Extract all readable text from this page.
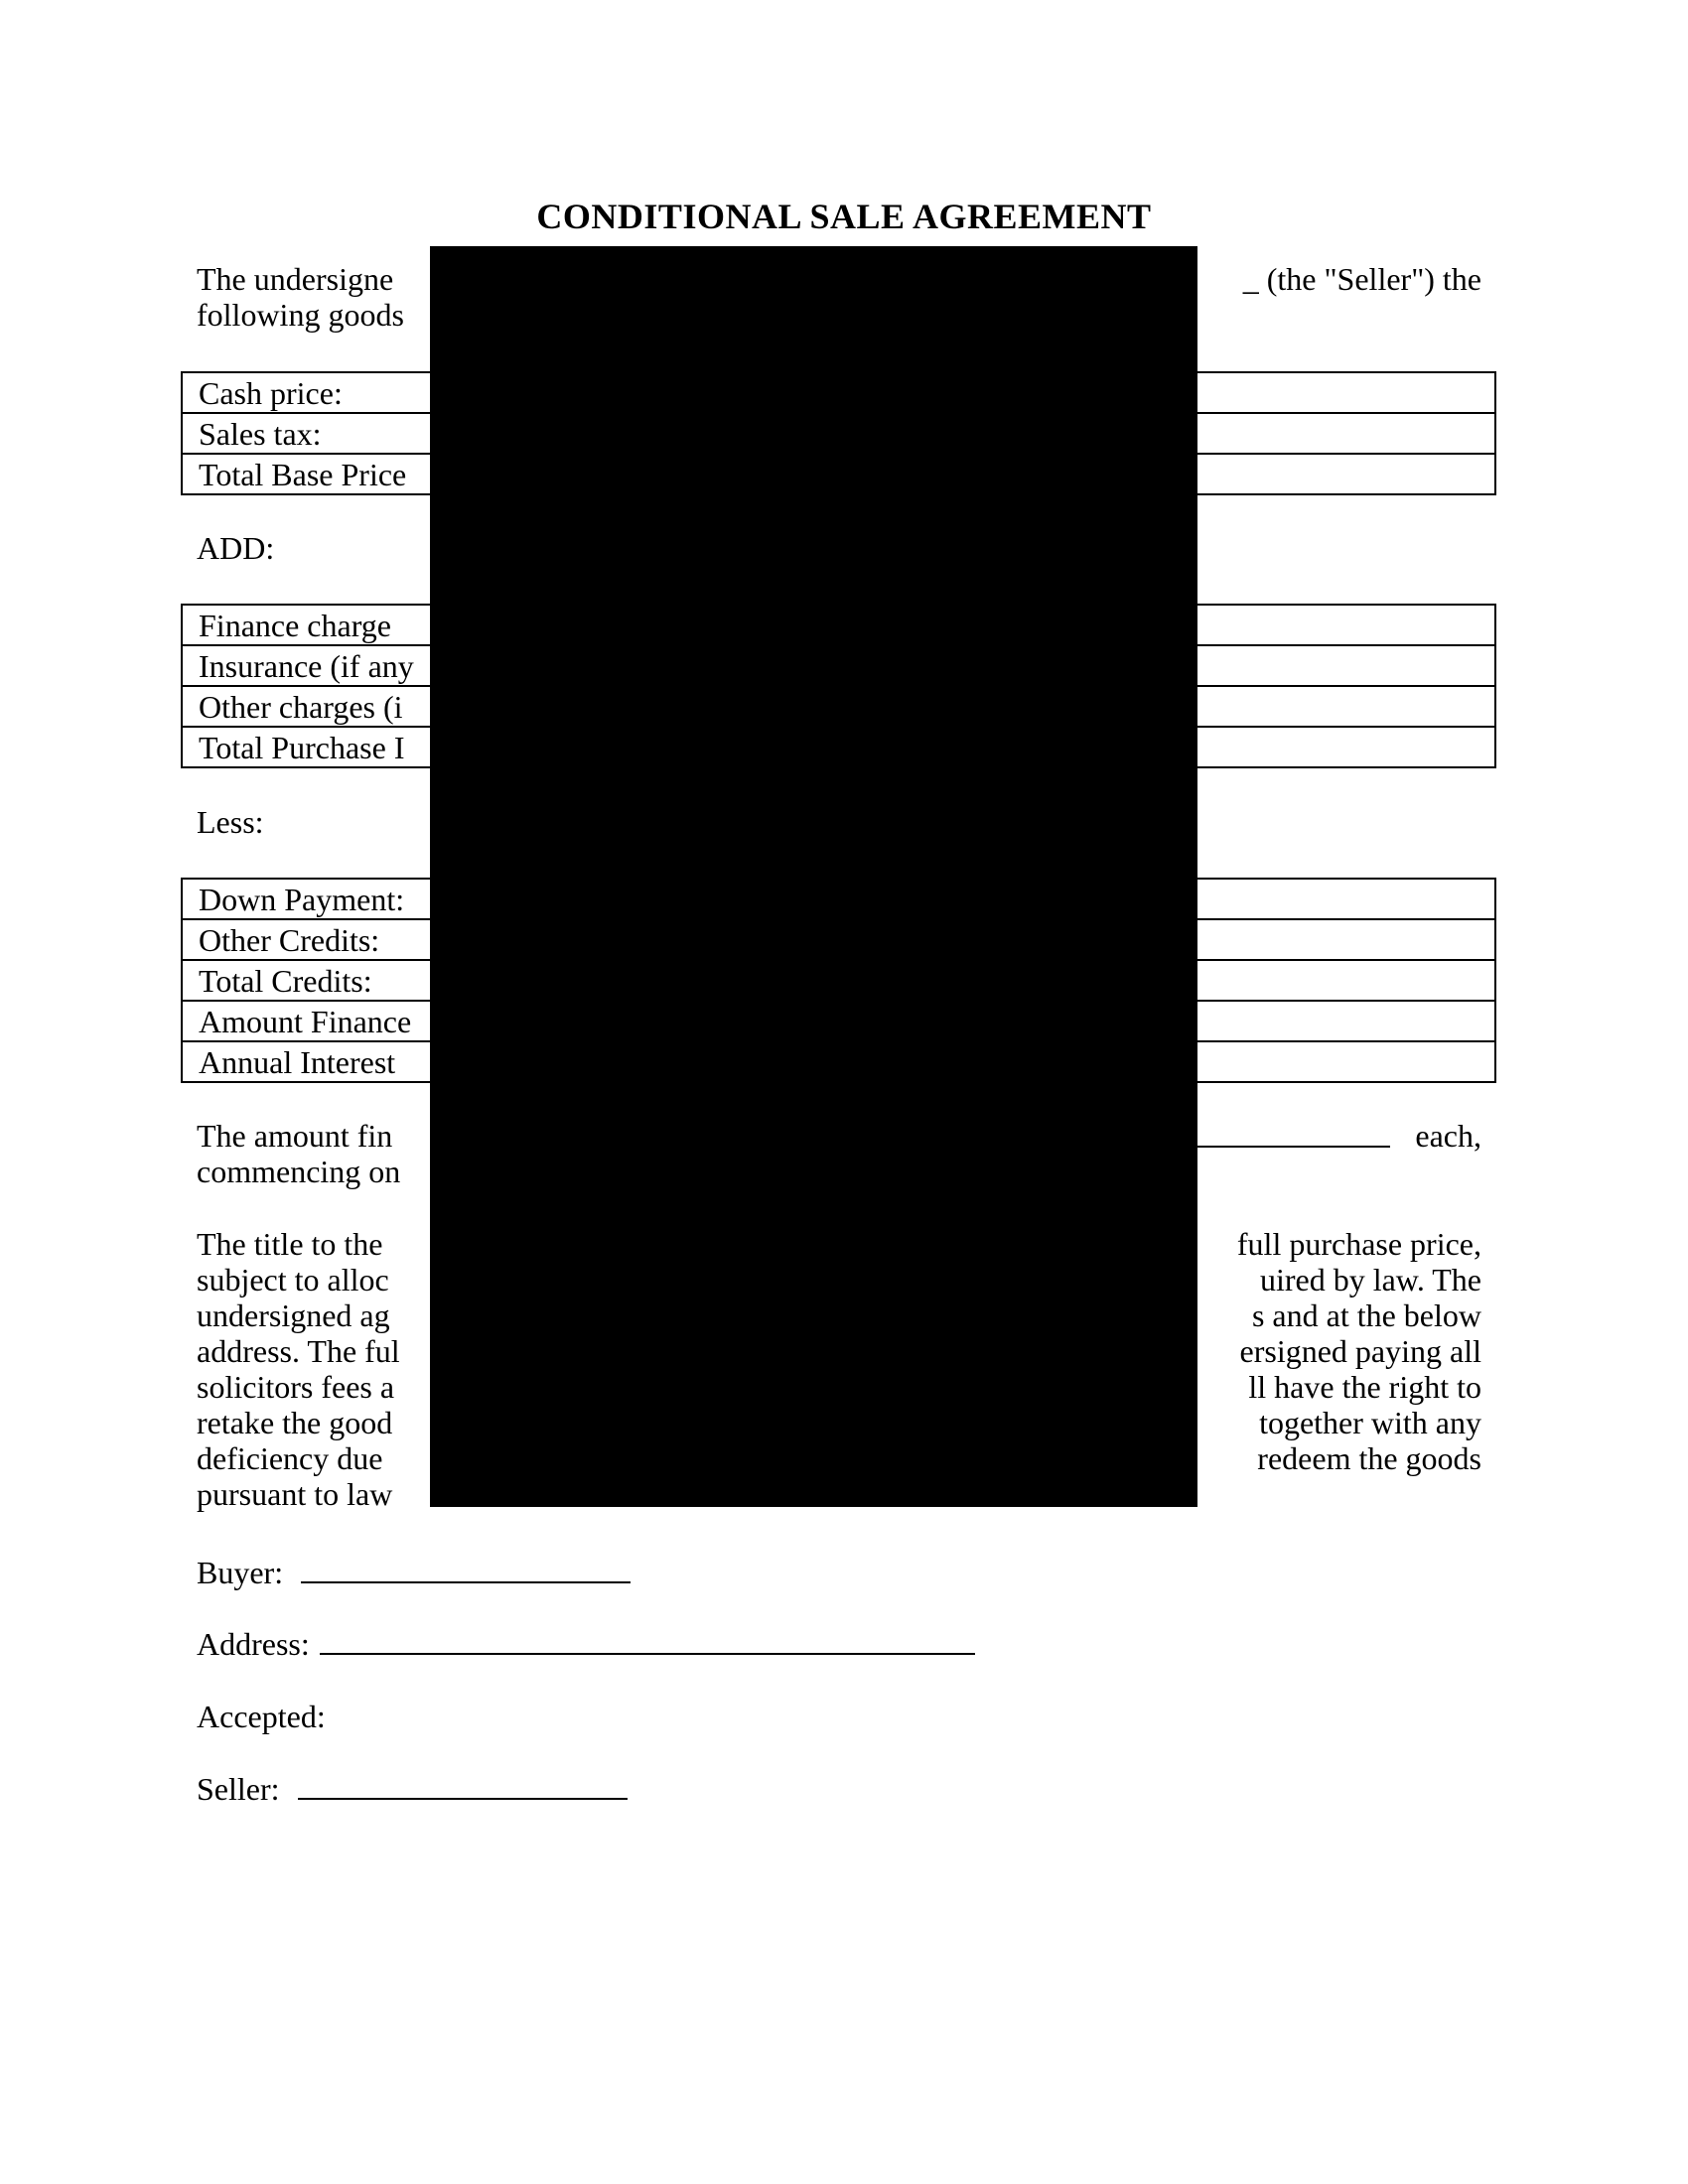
CONDITIONAL SALE AGREEMENT
The undersigne	_ (the "Seller") the
following goods
Cash price:
Sales tax:
Total Base Price
ADD:
Finance charge
Insurance (if any
Other charges (i
Total Purchase I
Less:
Down Payment:
Other Credits:
Total Credits:
Amount Finance
Annual Interest
The amount fin	each,
commencing on
The title to the
subject to alloc
undersigned ag
address. The ful
solicitors fees a
retake the good
deficiency due
pursuant to law
full purchase price,
uired by law. The
s and at the below
ersigned paying all
ll have the right to
together with any
redeem the goods
Buyer:
Address:
Accepted:
Seller:
